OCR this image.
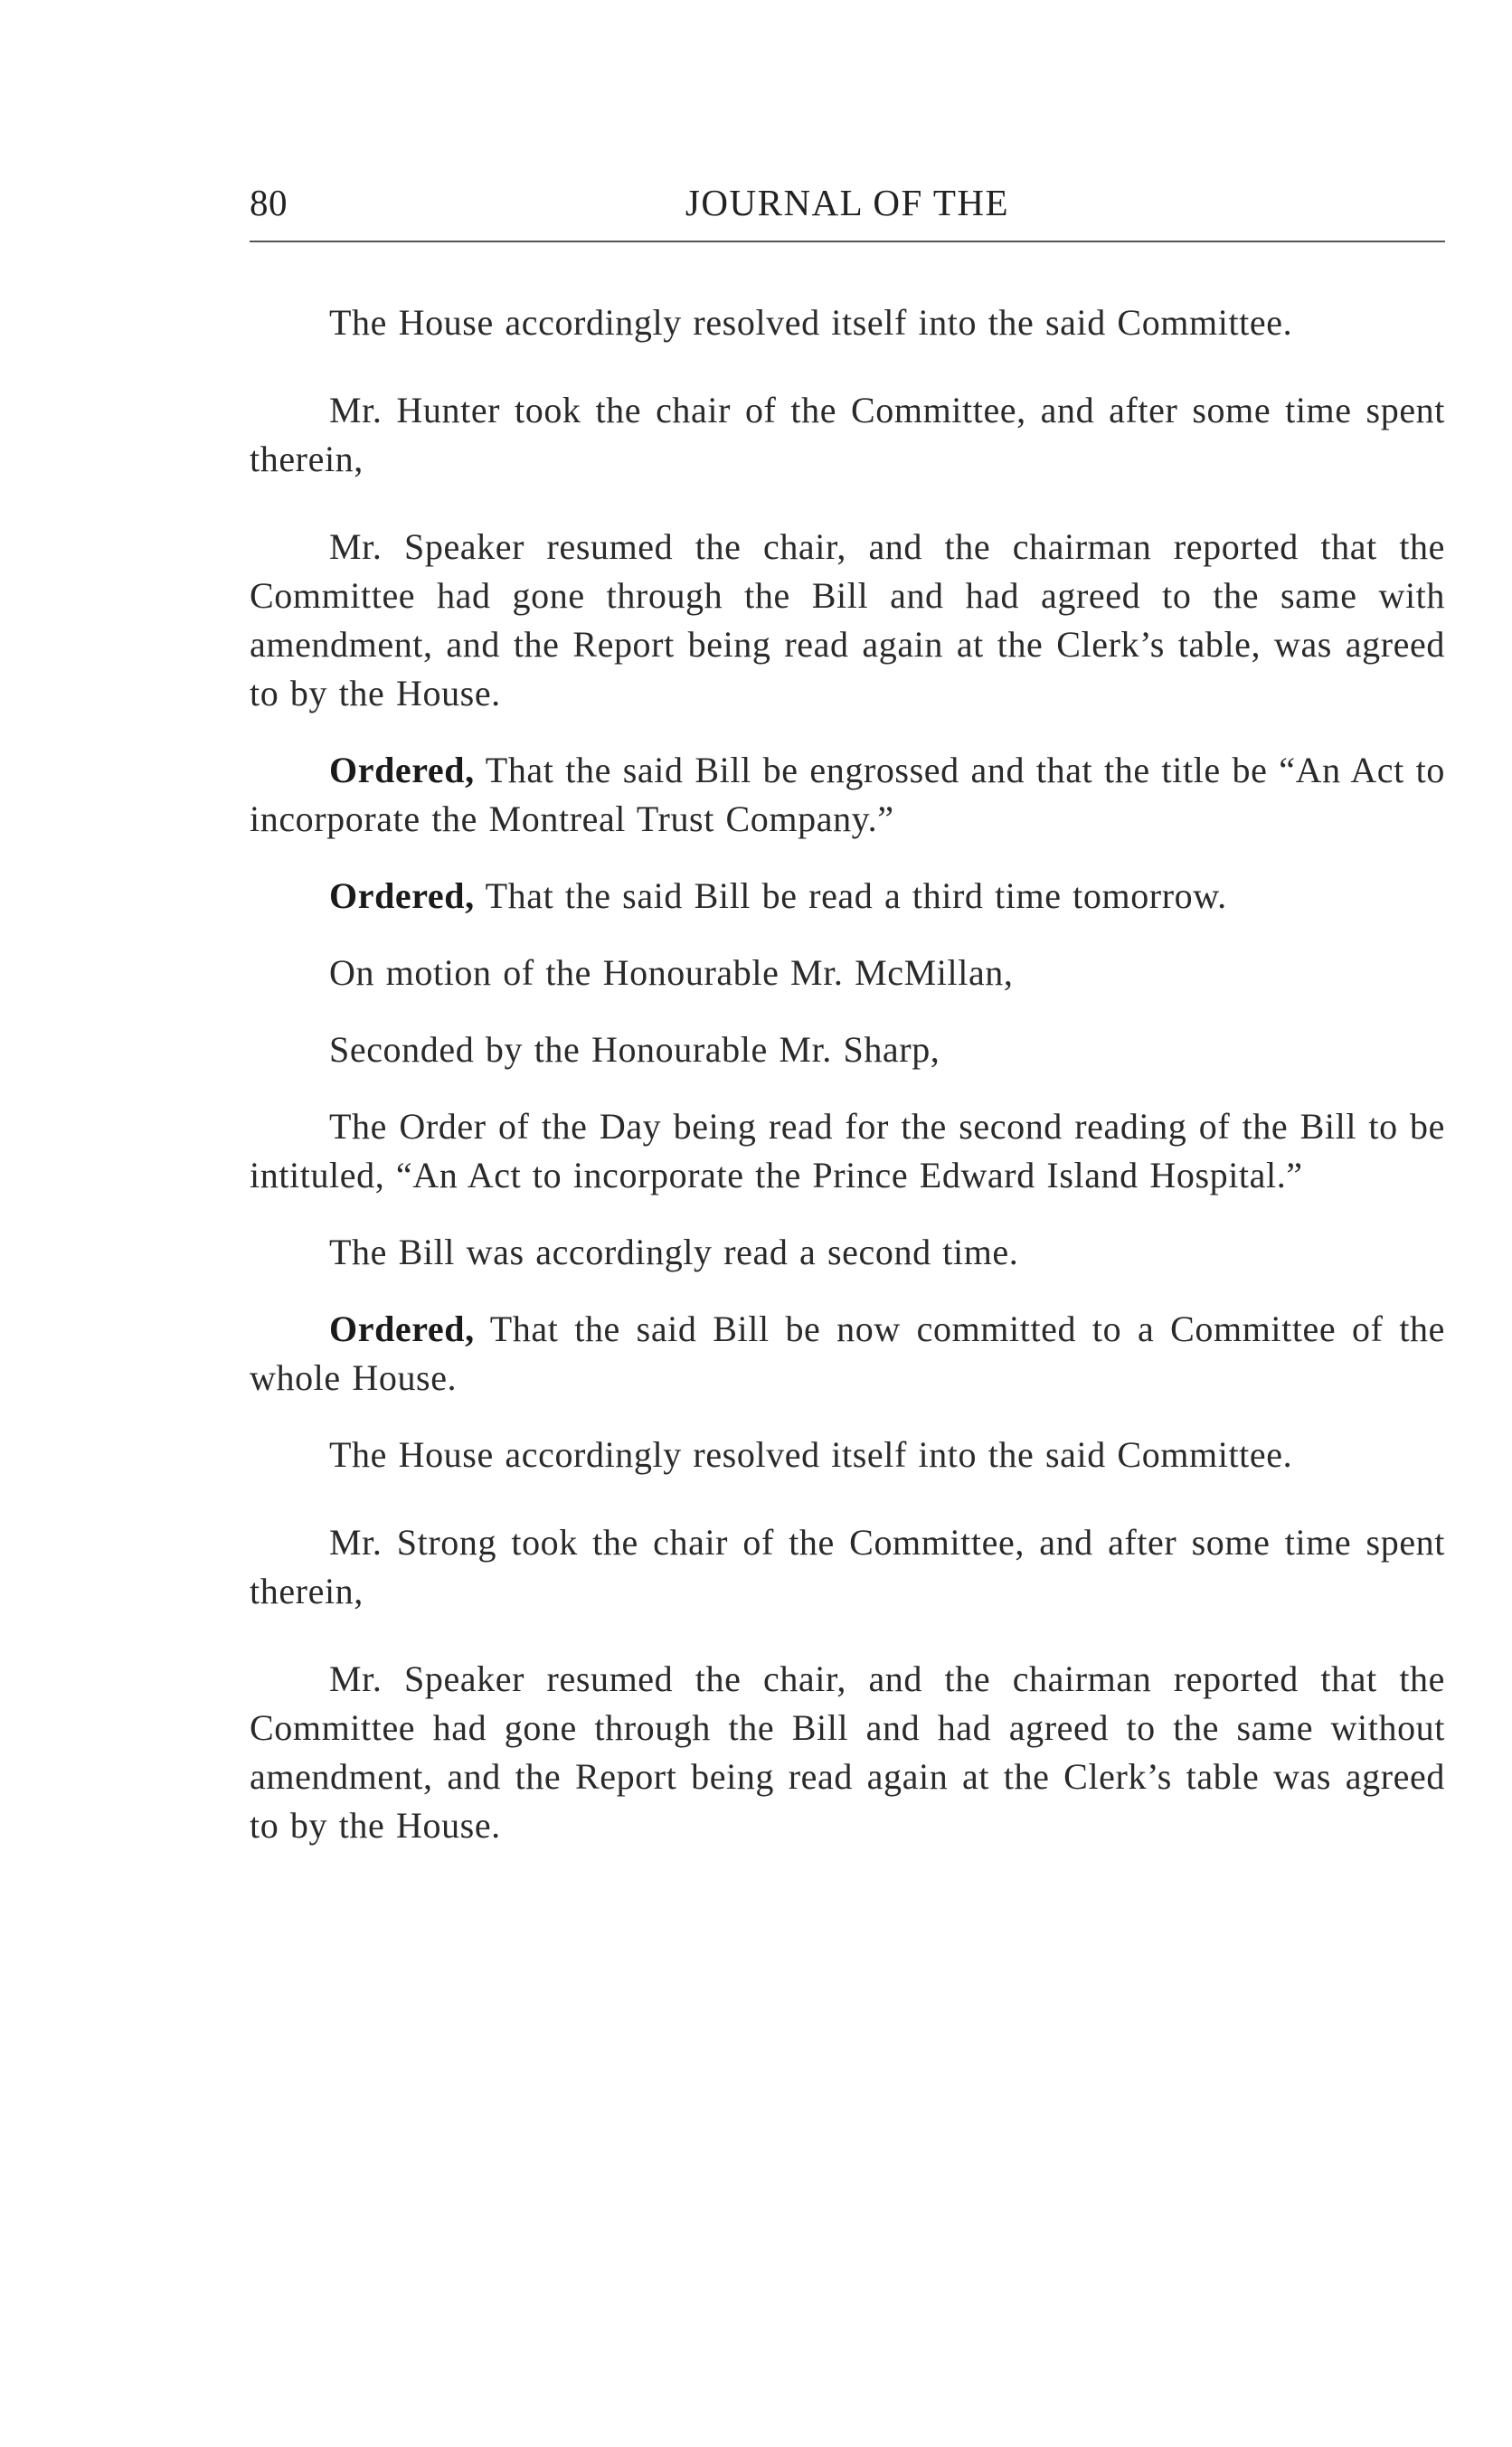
80	JOURNAL OF THE

The House accordingly resolved itself into the said Committee.

Mr. Hunter took the chair of the Committee, and after some time spent therein,

Mr. Speaker resumed the chair, and the chairman reported that the Committee had gone through the Bill and had agreed to the same with amendment, and the Report being read again at the Clerk’s table, was agreed to by the House.

Ordered, That the said Bill be engrossed and that the title be “An Act to incorporate the Montreal Trust Company.”

Ordered, That the said Bill be read a third time tomorrow.

On motion of the Honourable Mr. McMillan,

Seconded by the Honourable Mr. Sharp,

The Order of the Day being read for the second reading of the Bill to be intituled, “An Act to incorporate the Prince Edward Island Hospital.”

The Bill was accordingly read a second time.

Ordered, That the said Bill be now committed to a Committee of the whole House.

The House accordingly resolved itself into the said Committee.

Mr. Strong took the chair of the Committee, and after some time spent therein,

Mr. Speaker resumed the chair, and the chairman reported that the Committee had gone through the Bill and had agreed to the same without amendment, and the Report being read again at the Clerk’s table was agreed to by the House.
